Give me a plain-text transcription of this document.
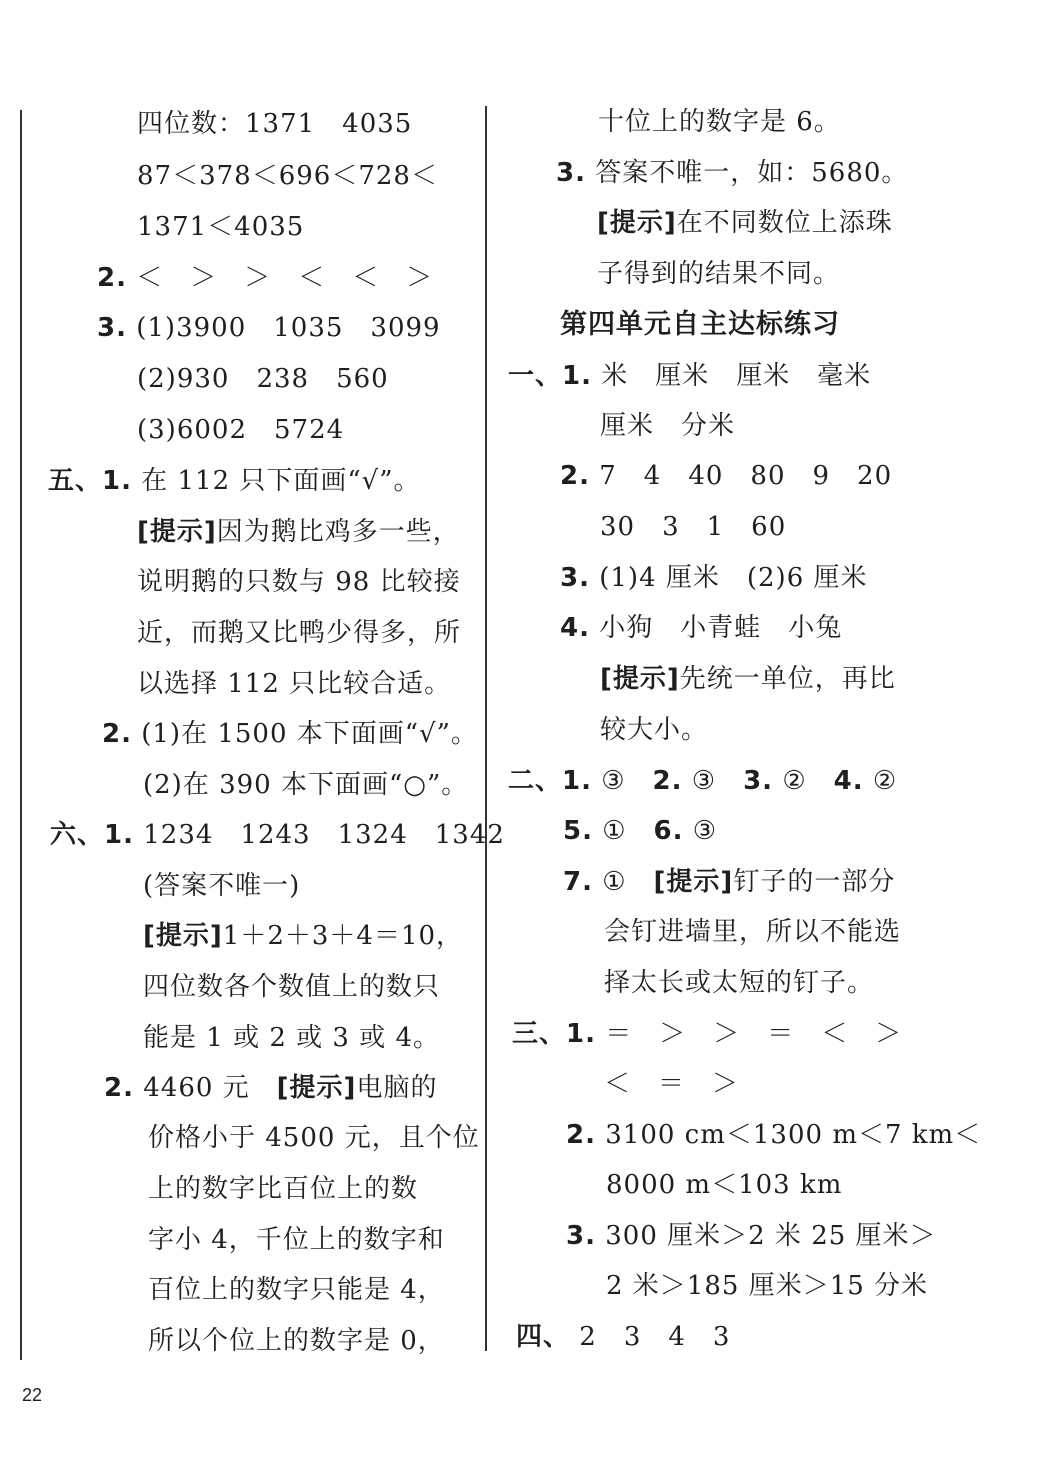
四位数：1371　4035
87＜378＜696＜728＜
1371＜4035
2. ＜　＞　＞　＜　＜　＞
3. (1)3900　1035　3099
(2)930　238　560
(3)6002　5724
五、1. 在 112 只下面画“√”。
[提示]因为鹅比鸡多一些，
说明鹅的只数与 98 比较接
近，而鹅又比鸭少得多，所
以选择 112 只比较合适。
2. (1)在 1500 本下面画“√”。
(2)在 390 本下面画“○”。
六、1. 1234　1243　1324　1342
(答案不唯一)
[提示]1＋2＋3＋4＝10，
四位数各个数值上的数只
能是 1 或 2 或 3 或 4。
2. 4460 元　[提示]电脑的
价格小于 4500 元，且个位
上的数字比百位上的数
字小 4，千位上的数字和
百位上的数字只能是 4，
所以个位上的数字是 0，
十位上的数字是 6。
3. 答案不唯一，如：5680。
[提示]在不同数位上添珠
子得到的结果不同。
第四单元自主达标练习
一、1. 米　厘米　厘米　毫米
厘米　分米
2. 7　4　40　80　9　20
30　3　1　60
3. (1)4 厘米　(2)6 厘米
4. 小狗　小青蛙　小兔
[提示]先统一单位，再比
较大小。
二、1. ③　2. ③　3. ②　4. ②
5. ①　6. ③
7. ①　[提示]钉子的一部分
会钉进墙里，所以不能选
择太长或太短的钉子。
三、1. ＝　＞　＞　＝　＜　＞
＜　＝　＞
2. 3100 cm＜1300 m＜7 km＜
8000 m＜103 km
3. 300 厘米＞2 米 25 厘米＞
2 米＞185 厘米＞15 分米
四、 2　3　4　3
22
